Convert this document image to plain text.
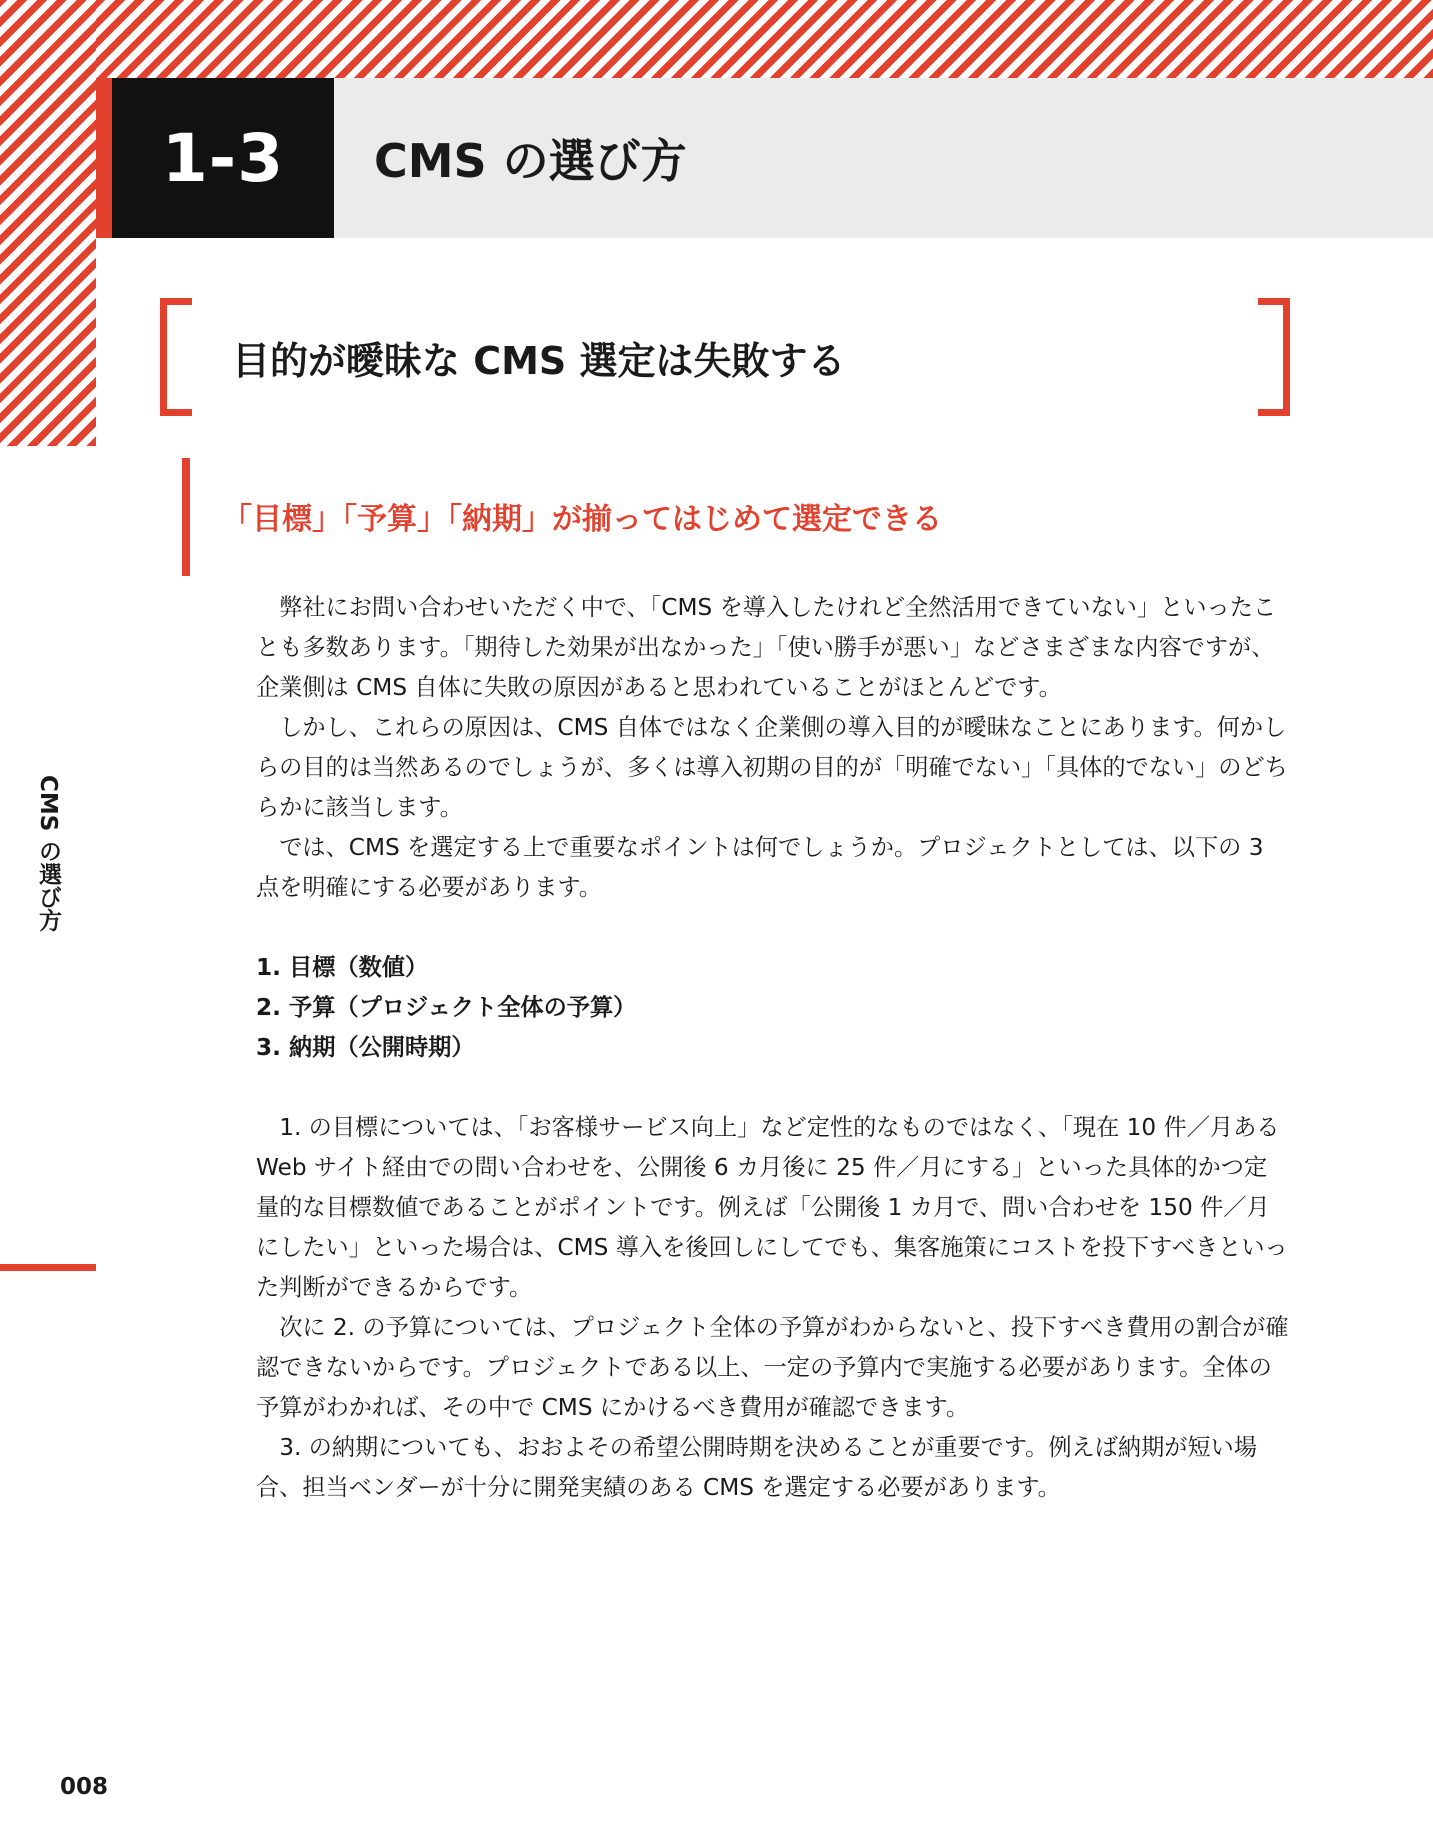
1-3	CMS の選び方
目的が曖昧な CMS 選定は失敗する
「目標」「予算」「納期」が揃ってはじめて選定できる

弊社にお問い合わせいただく中で、「CMS を導入したけれど全然活用できていない」といったことも多数あります。「期待した効果が出なかった」「使い勝手が悪い」などさまざまな内容ですが、企業側は CMS 自体に失敗の原因があると思われていることがほとんどです。

しかし、これらの原因は、CMS 自体ではなく企業側の導入目的が曖昧なことにあります。何かしらの目的は当然あるのでしょうが、多くは導入初期の目的が「明確でない」「具体的でない」のどちらかに該当します。

では、CMS を選定する上で重要なポイントは何でしょうか。プロジェクトとしては、以下の 3 点を明確にする必要があります。

1. 目標（数値）
2. 予算（プロジェクト全体の予算）
3. 納期（公開時期）

1. の目標については、「お客様サービス向上」など定性的なものではなく、「現在 10 件／月ある Web サイト経由での問い合わせを、公開後 6 カ月後に 25 件／月にする」といった具体的かつ定量的な目標数値であることがポイントです。例えば「公開後 1 カ月で、問い合わせを 150 件／月にしたい」といった場合は、CMS 導入を後回しにしてでも、集客施策にコストを投下すべきといった判断ができるからです。

次に 2. の予算については、プロジェクト全体の予算がわからないと、投下すべき費用の割合が確認できないからです。プロジェクトである以上、一定の予算内で実施する必要があります。全体の予算がわかれば、その中で CMS にかけるべき費用が確認できます。

3. の納期についても、おおよその希望公開時期を決めることが重要です。例えば納期が短い場合、担当ベンダーが十分に開発実績のある CMS を選定する必要があります。

CMS の選び方
008
